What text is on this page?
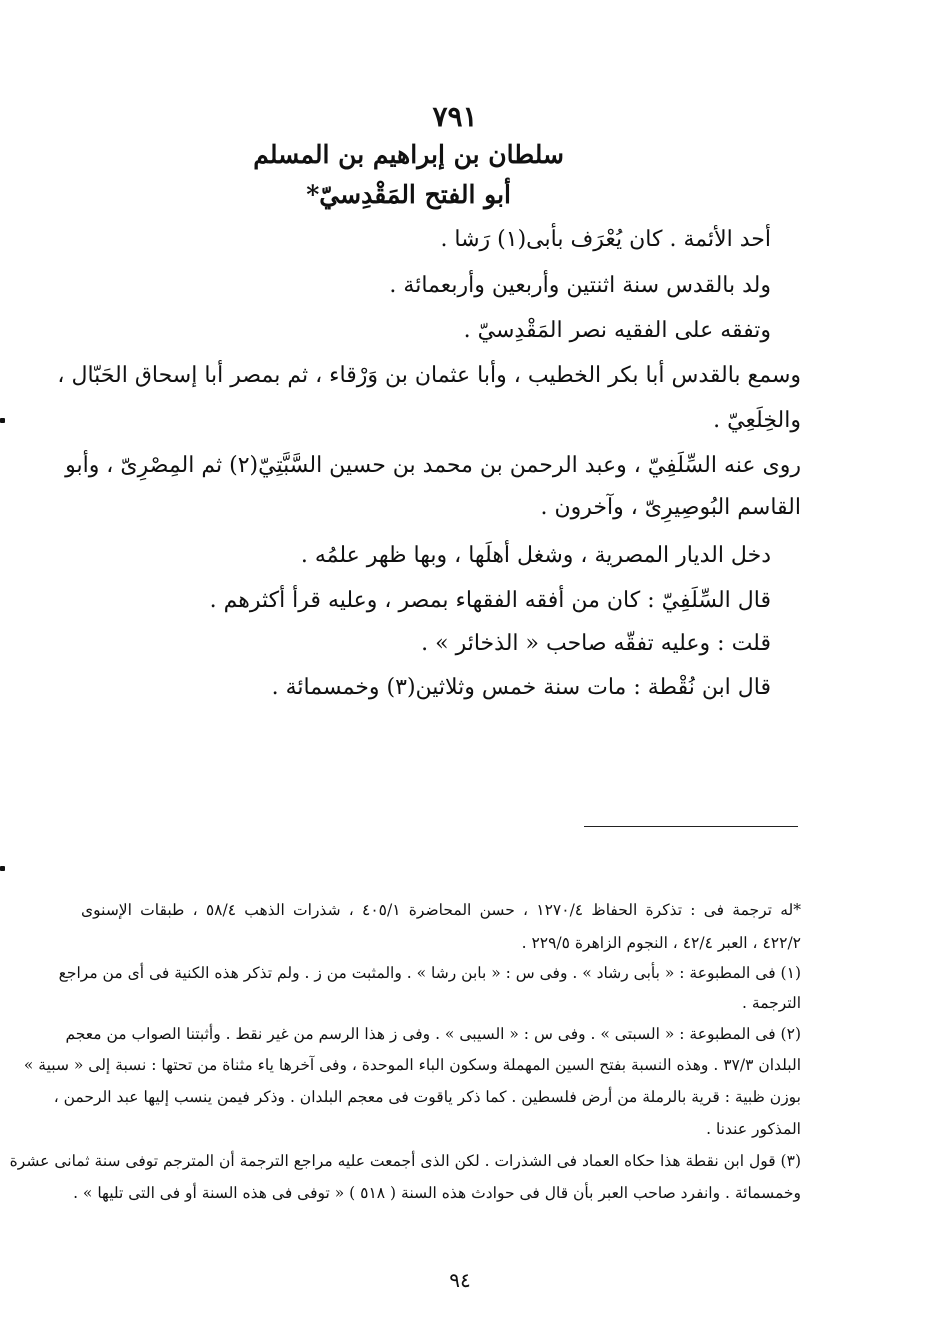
٧٩١
سلطان بن إبراهيم بن المسلم
أبو الفتح المَقْدِسيّ*
أحد الأئمة . كان يُعْرَف بأبى(١) رَشا .
ولد بالقدس سنة اثنتين وأربعين وأربعمائة .
وتفقه على الفقيه نصر المَقْدِسيّ .
وسمع بالقدس أبا بكر الخطيب ، وأبا عثمان بن وَرْقاء ، ثم بمصر أبا إسحاق الحَبّال ،
والخِلَعِيّ .
روى عنه السِّلَفِيّ ، وعبد الرحمن بن محمد بن حسين السَّبَّتِيّ(٢) ثم المِصْرِىّ ، وأبو
القاسم البُوصِيرِىّ ، وآخرون .
دخل الديار المصرية ، وشغل أهلَها ، وبها ظهر علمُه .
قال السِّلَفِيّ : كان من أفقه الفقهاء بمصر ، وعليه قرأ أكثرهم .
قلت : وعليه تفقّه صاحب « الذخائر » .
قال ابن نُقْطة : مات سنة خمس وثلاثين(٣) وخمسمائة .
*له ترجمة فى : تذكرة الحفاظ ١٢٧٠/٤ ، حسن المحاضرة ٤٠٥/١ ، شذرات الذهب ٥٨/٤ ، طبقات الإسنوى
٤٢٢/٢ ، العبر ٤٢/٤ ، النجوم الزاهرة ٢٢٩/٥ .
(١) فى المطبوعة : « بأبى رشاد » . وفى س : « بابن رشا » . والمثبت من ز . ولم تذكر هذه الكنية فى أى من مراجع
الترجمة .
(٢) فى المطبوعة : « السبتى » . وفى س : « السيبى » . وفى ز هذا الرسم من غير نقط . وأثبتنا الصواب من معجم
البلدان ٣٧/٣ . وهذه النسبة بفتح السين المهملة وسكون الباء الموحدة ، وفى آخرها ياء مثناة من تحتها : نسبة إلى « سبية »
بوزن ظبية : قرية بالرملة من أرض فلسطين . كما ذكر ياقوت فى معجم البلدان . وذكر فيمن ينسب إليها عبد الرحمن ،
المذكور عندنا .
(٣) قول ابن نقطة هذا حكاه العماد فى الشذرات . لكن الذى أجمعت عليه مراجع الترجمة أن المترجم توفى سنة ثمانى عشرة
وخمسمائة . وانفرد صاحب العبر بأن قال فى حوادث هذه السنة ( ٥١٨ ) « توفى فى هذه السنة أو فى التى تليها » .
٩٤
